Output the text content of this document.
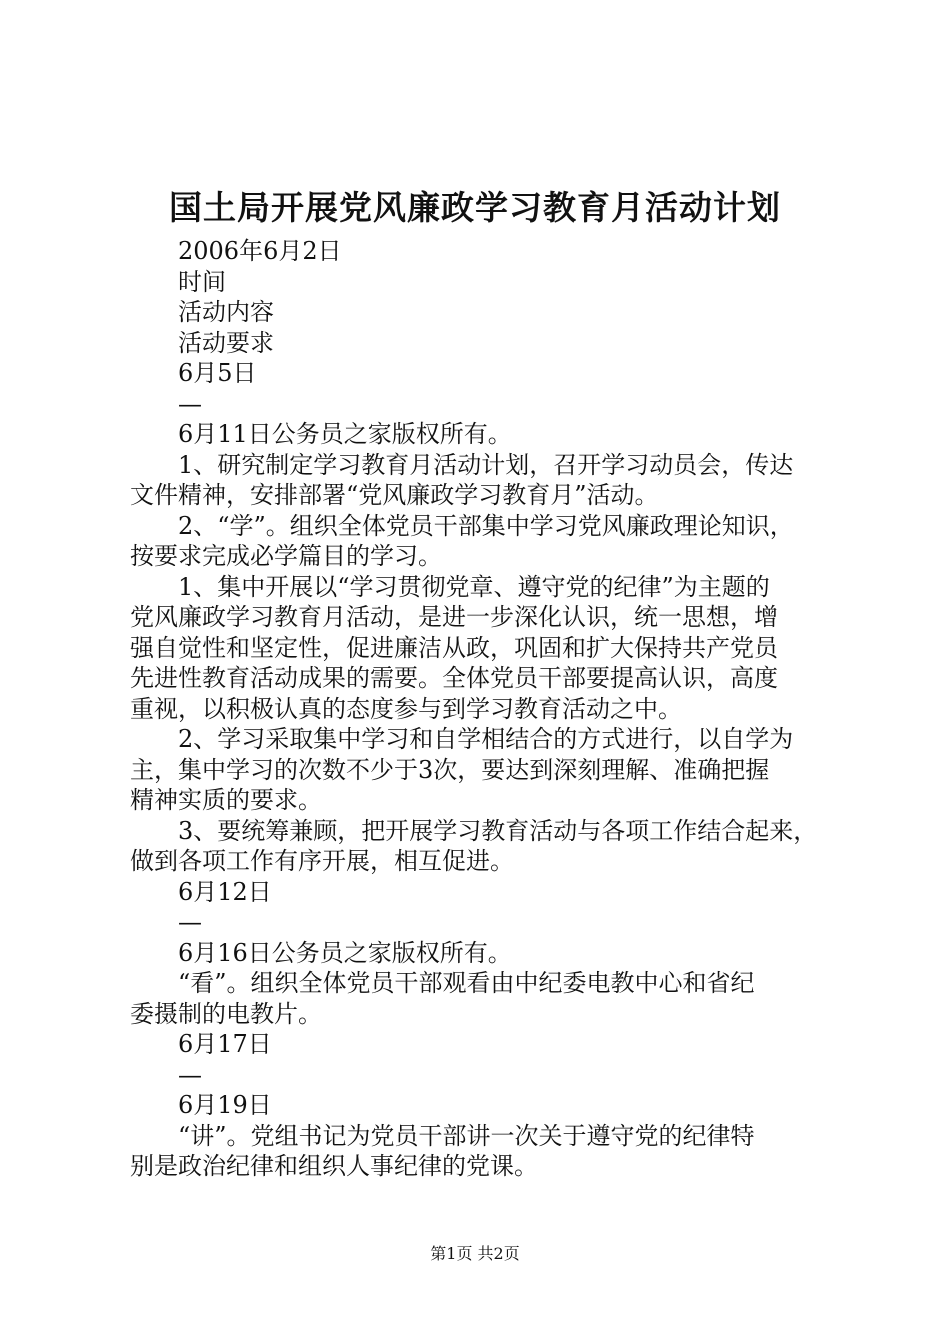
国土局开展党风廉政学习教育月活动计划
2006年6月2日
时间
活动内容
活动要求
6月5日
—
6月11日公务员之家版权所有。
1、研究制定学习教育月活动计划，召开学习动员会，传达
文件精神，安排部署“党风廉政学习教育月”活动。
2、“学”。组织全体党员干部集中学习党风廉政理论知识，
按要求完成必学篇目的学习。
1、集中开展以“学习贯彻党章、遵守党的纪律”为主题的
党风廉政学习教育月活动，是进一步深化认识，统一思想，增
强自觉性和坚定性，促进廉洁从政，巩固和扩大保持共产党员
先进性教育活动成果的需要。全体党员干部要提高认识，高度
重视，以积极认真的态度参与到学习教育活动之中。
2、学习采取集中学习和自学相结合的方式进行，以自学为
主，集中学习的次数不少于3次，要达到深刻理解、准确把握
精神实质的要求。
3、要统筹兼顾，把开展学习教育活动与各项工作结合起来，
做到各项工作有序开展，相互促进。
6月12日
—
6月16日公务员之家版权所有。
“看”。组织全体党员干部观看由中纪委电教中心和省纪
委摄制的电教片。
6月17日
—
6月19日
“讲”。党组书记为党员干部讲一次关于遵守党的纪律特
别是政治纪律和组织人事纪律的党课。
第1页 共2页
